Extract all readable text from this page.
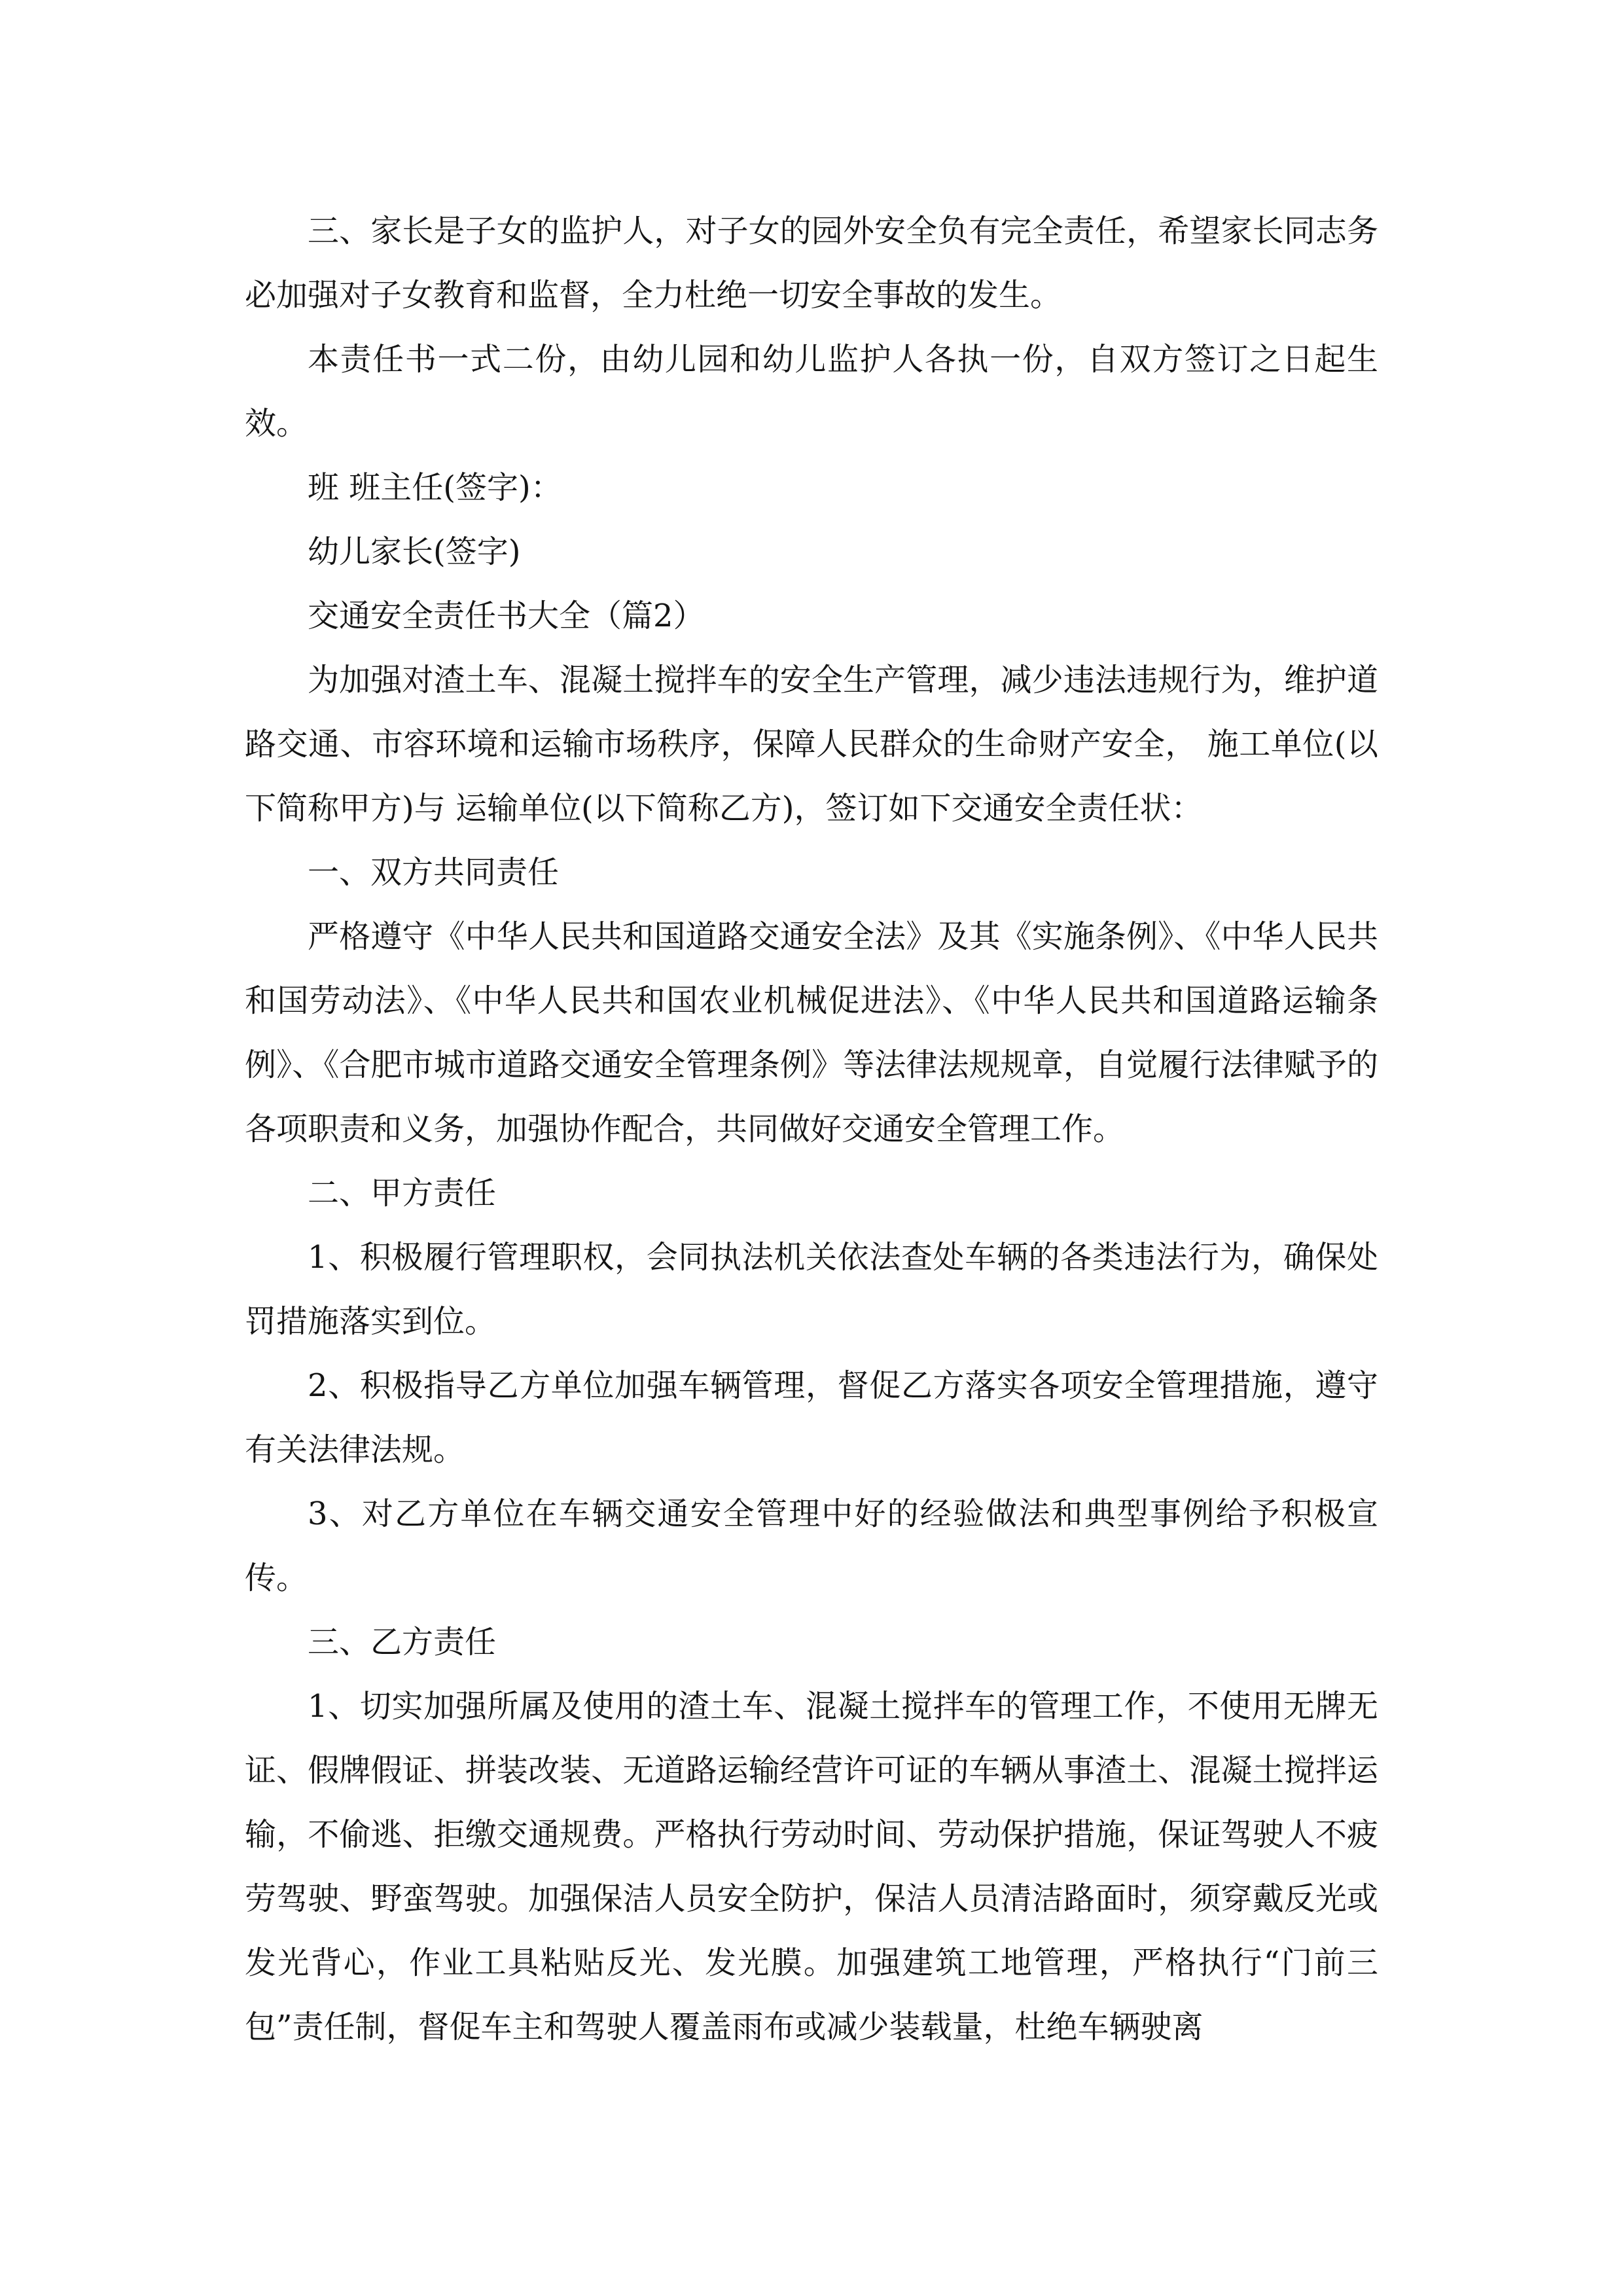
三、家长是子女的监护人，对子女的园外安全负有完全责任，希望家长同志务必加强对子女教育和监督，全力杜绝一切安全事故的发生。

本责任书一式二份，由幼儿园和幼儿监护人各执一份，自双方签订之日起生效。

班 班主任(签字)：

幼儿家长(签字)

交通安全责任书大全（篇2）

为加强对渣土车、混凝土搅拌车的安全生产管理，减少违法违规行为，维护道路交通、市容环境和运输市场秩序，保障人民群众的生命财产安全， 施工单位(以下简称甲方)与 运输单位(以下简称乙方)，签订如下交通安全责任状：

一、双方共同责任

严格遵守《中华人民共和国道路交通安全法》及其《实施条例》、《中华人民共和国劳动法》、《中华人民共和国农业机械促进法》、《中华人民共和国道路运输条例》、《合肥市城市道路交通安全管理条例》等法律法规规章，自觉履行法律赋予的各项职责和义务，加强协作配合，共同做好交通安全管理工作。

二、甲方责任

1、积极履行管理职权，会同执法机关依法查处车辆的各类违法行为，确保处罚措施落实到位。

2、积极指导乙方单位加强车辆管理，督促乙方落实各项安全管理措施，遵守有关法律法规。

3、对乙方单位在车辆交通安全管理中好的经验做法和典型事例给予积极宣传。

三、乙方责任

1、切实加强所属及使用的渣土车、混凝土搅拌车的管理工作，不使用无牌无证、假牌假证、拼装改装、无道路运输经营许可证的车辆从事渣土、混凝土搅拌运输，不偷逃、拒缴交通规费。严格执行劳动时间、劳动保护措施，保证驾驶人不疲劳驾驶、野蛮驾驶。加强保洁人员安全防护，保洁人员清洁路面时，须穿戴反光或发光背心，作业工具粘贴反光、发光膜。加强建筑工地管理，严格执行“门前三包”责任制，督促车主和驾驶人覆盖雨布或减少装载量，杜绝车辆驶离
